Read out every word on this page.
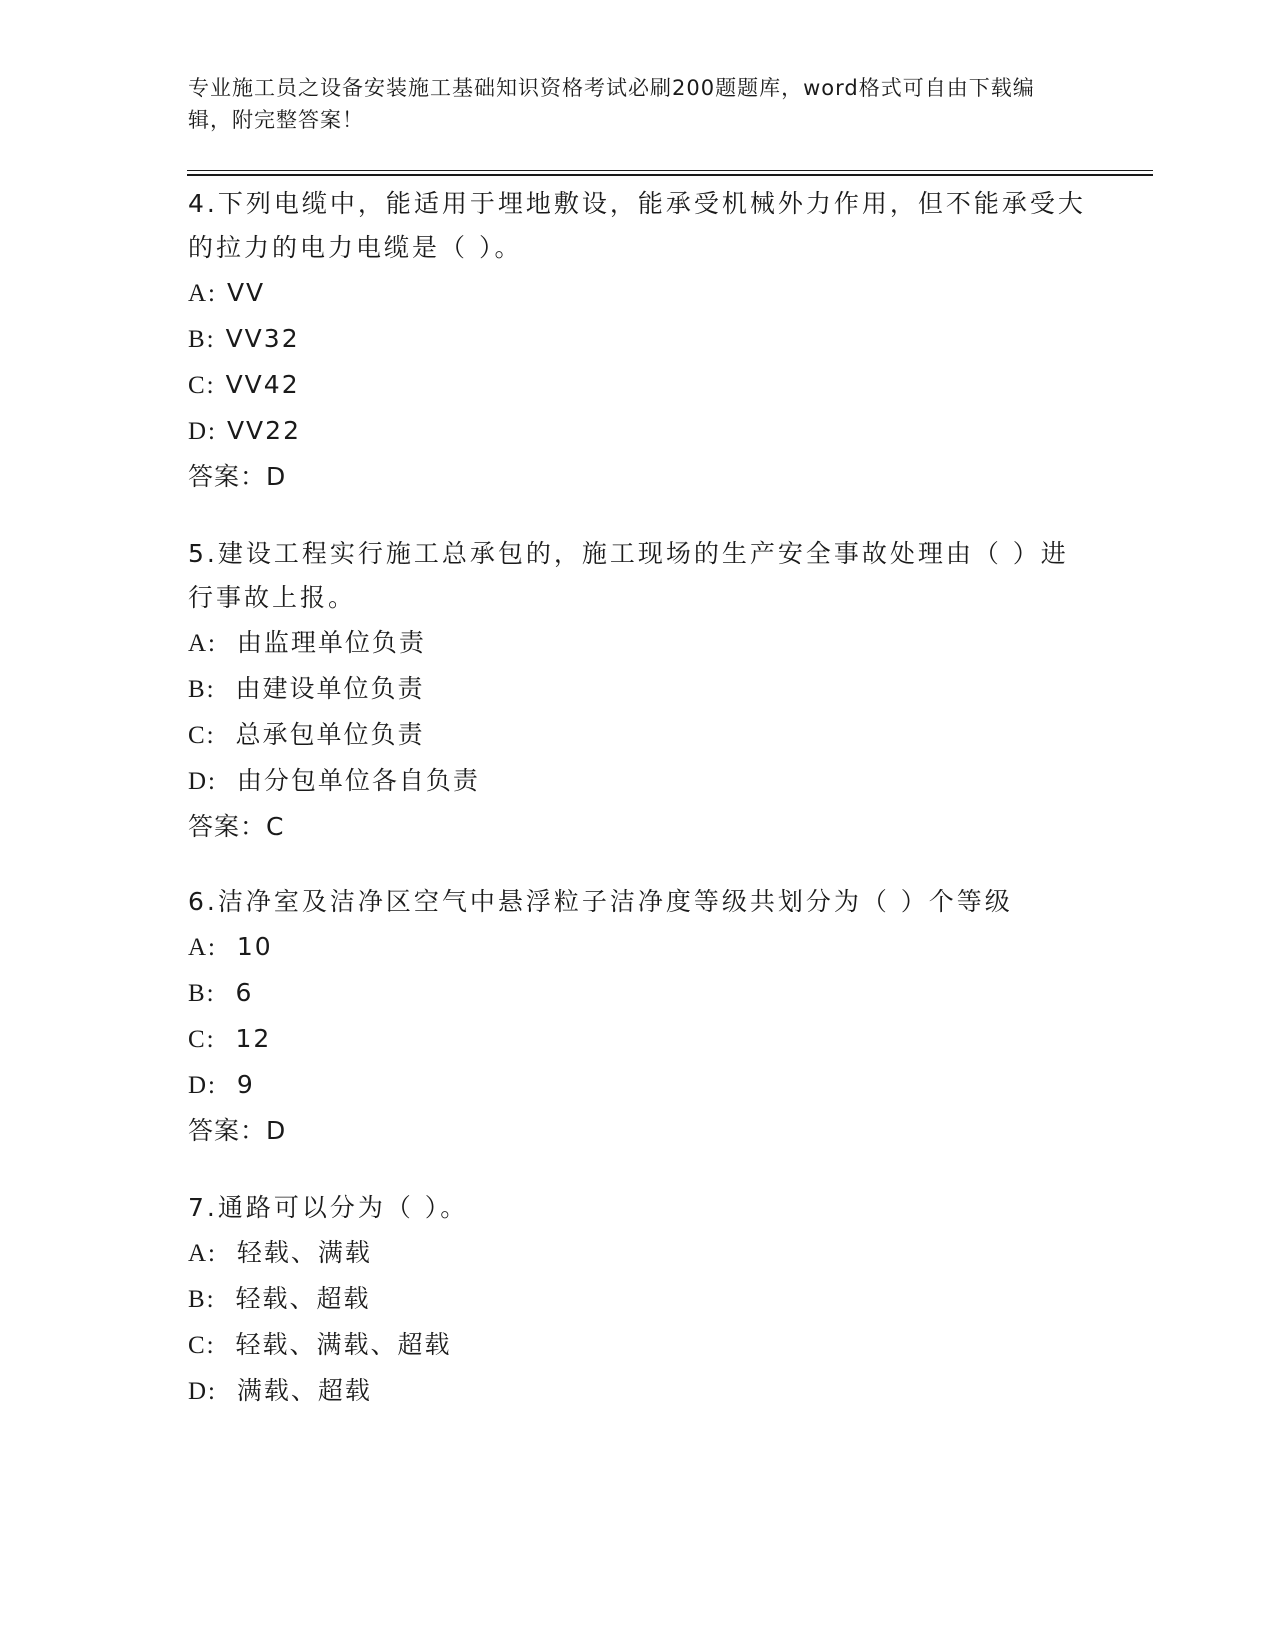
专业施工员之设备安装施工基础知识资格考试必刷200题题库，word格式可自由下载编辑，附完整答案！

4.下列电缆中，能适用于埋地敷设，能承受机械外力作用，但不能承受大的拉力的电力电缆是（ ）。

A: VV

B: VV32

C: VV42

D: VV22

答案：D

5.建设工程实行施工总承包的，施工现场的生产安全事故处理由（ ）进行事故上报。

A: 由监理单位负责

B: 由建设单位负责

C: 总承包单位负责

D: 由分包单位各自负责

答案：C

6.洁净室及洁净区空气中悬浮粒子洁净度等级共划分为（ ）个等级

A: 10

B: 6

C: 12

D: 9

答案：D

7.通路可以分为（ ）。

A: 轻载、满载

B: 轻载、超载

C: 轻载、满载、超载

D: 满载、超载
